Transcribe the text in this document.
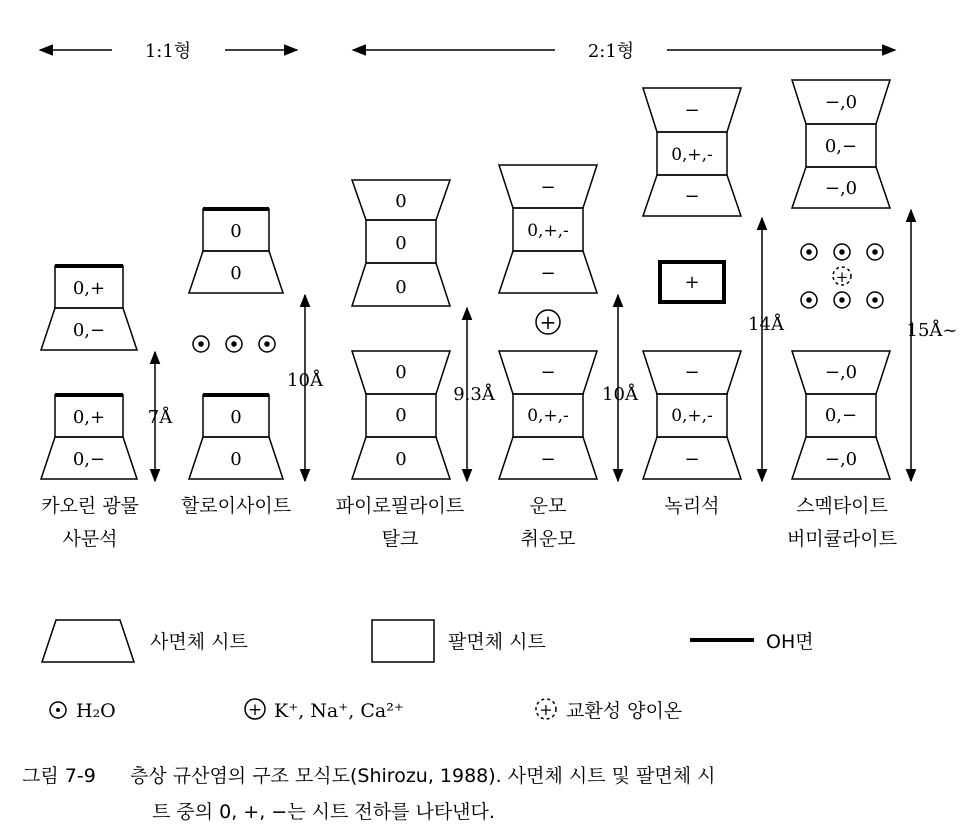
1:1형	2:1형
0,+
0,−
0,+
0,−
7Å
0
0
0
0
10Å
0
0
0
0
0
0
9.3Å
−
0,+,-
−
+
−
0,+,-
−
10Å
−
0,+,-
−
+
−
0,+,-
−
14Å
−,0
0,−
−,0
+
−,0
0,−
−,0
15Å~
카오린 광물
사문석
할로이사이트 파이로필라이트
탈크
운모
취운모
녹리석	스멕타이트
버미큘라이트
사면체 시트	팔면체 시트	OH면
H₂O	+ K⁺, Na⁺, Ca²⁺	+ 교환성 양이온
그림 7-9 층상 규산염의 구조 모식도(Shirozu, 1988). 사면체 시트 및 팔면체 시
트 중의 0, +, −는 시트 전하를 나타낸다.
